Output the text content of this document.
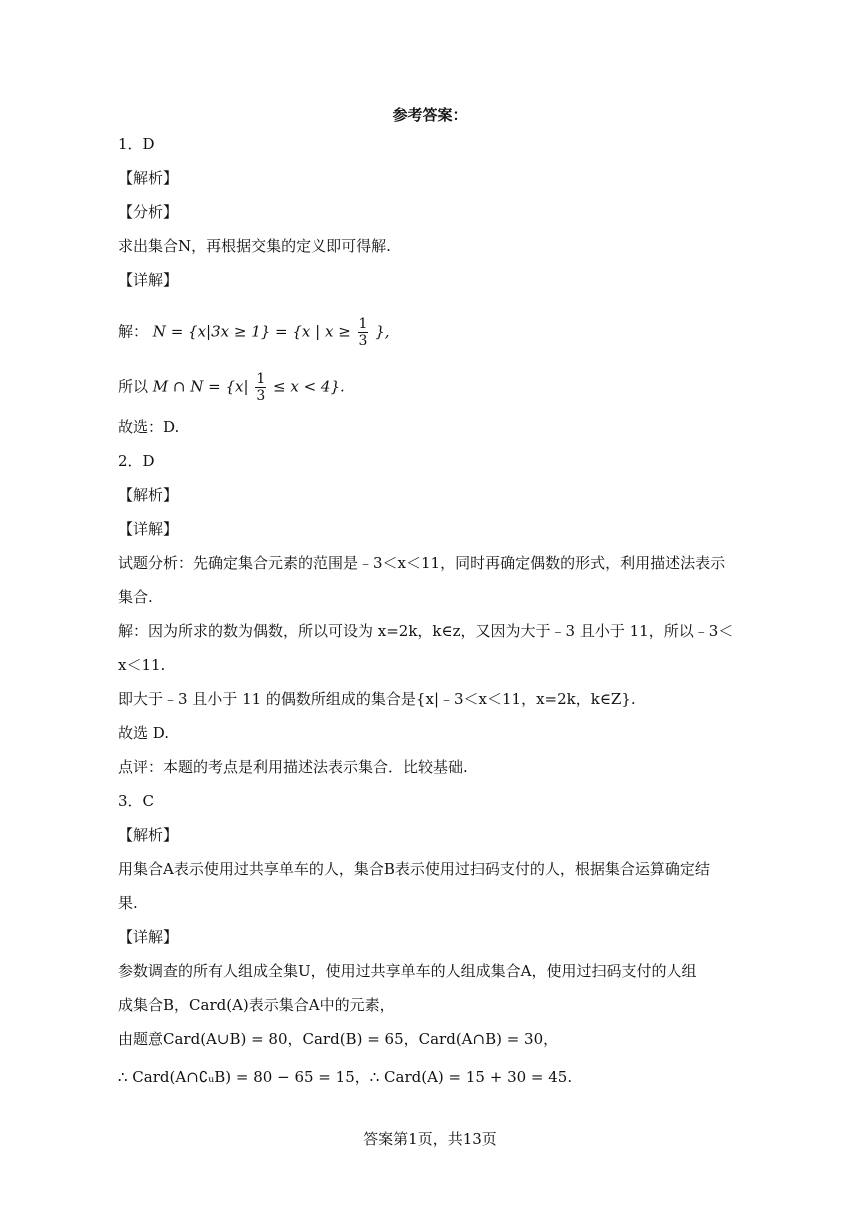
参考答案：
1．D
【解析】
【分析】
求出集合N，再根据交集的定义即可得解.
【详解】
解： N = {x|3x ≥ 1} = {x | $x \ge \frac{1}{3}$ },
所以 M ∩ $N = \{x| \frac{1}{3} \le x < 4\}$.
故选：D.
2．D
【解析】
【详解】
试题分析：先确定集合元素的范围是﹣3＜x＜11，同时再确定偶数的形式，利用描述法表示
集合.
解：因为所求的数为偶数，所以可设为 x=2k，k∈z，又因为大于﹣3 且小于 11，所以﹣3＜
x＜11.
即大于﹣3 且小于 11 的偶数所组成的集合是{x|﹣3＜x＜11，x=2k，k∈Z}.
故选 D.
点评：本题的考点是利用描述法表示集合．比较基础.
3．C
【解析】
用集合A表示使用过共享单车的人，集合B表示使用过扫码支付的人，根据集合运算确定结
果.
【详解】
参数调查的所有人组成全集U，使用过共享单车的人组成集合A，使用过扫码支付的人组
成集合B，Card(A)表示集合A中的元素，
由题意Card(A∪B) = 80，Card(B) = 65，Card(A∩B) = 30，
∴ Card(A∩∁ᵤB) = 80 − 65 = 15，∴ Card(A) = 15 + 30 = 45.
答案第1页，共13页
